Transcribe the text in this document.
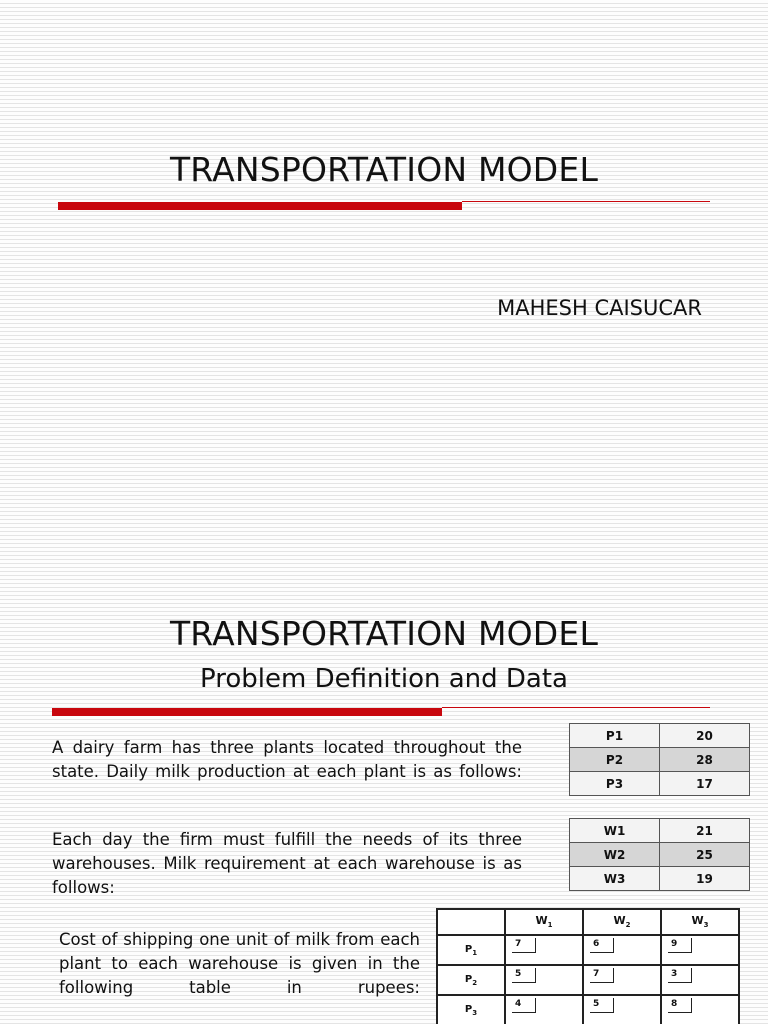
TRANSPORTATION MODEL
MAHESH CAISUCAR
TRANSPORTATION MODEL
Problem Definition and Data

A dairy farm has three plants located throughout the state. Daily milk production at each plant is as follows:

Each day the firm must fulfill the needs of its three warehouses. Milk requirement at each warehouse is as follows:

Cost of shipping one unit of milk from each plant to each warehouse is given in the following table in rupees:

P1	20
P2	28
P3	17
W1	21
W2	25
W3	19
	$W_1$	$W_2$	$W_3$
$P_1$	7	6	9

$P_2$	5	7	3

$P_3$	4	5	8
